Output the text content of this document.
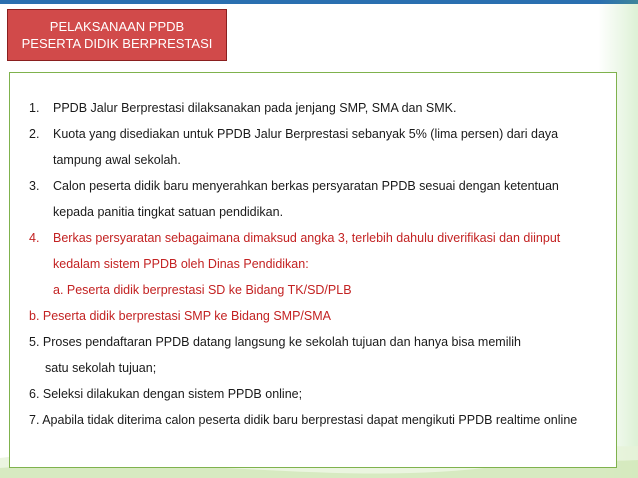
PELAKSANAAN PPDB
PESERTA DIDIK BERPRESTASI
1. PPDB Jalur Berprestasi dilaksanakan pada jenjang SMP, SMA dan SMK.
2. Kuota yang disediakan untuk PPDB Jalur Berprestasi sebanyak 5% (lima persen) dari daya
tampung awal sekolah.
3. Calon peserta didik baru menyerahkan berkas persyaratan PPDB sesuai dengan ketentuan
kepada panitia tingkat satuan pendidikan.
4. Berkas persyaratan sebagaimana dimaksud angka 3, terlebih dahulu diverifikasi dan diinput
kedalam sistem PPDB oleh Dinas Pendidikan:
a. Peserta didik berprestasi SD ke Bidang TK/SD/PLB
b. Peserta didik berprestasi SMP ke Bidang SMP/SMA
5. Proses pendaftaran PPDB datang langsung ke sekolah tujuan dan hanya bisa memilih
satu sekolah tujuan;
6. Seleksi dilakukan dengan sistem PPDB online;
7. Apabila tidak diterima calon peserta didik baru berprestasi dapat mengikuti PPDB realtime online
